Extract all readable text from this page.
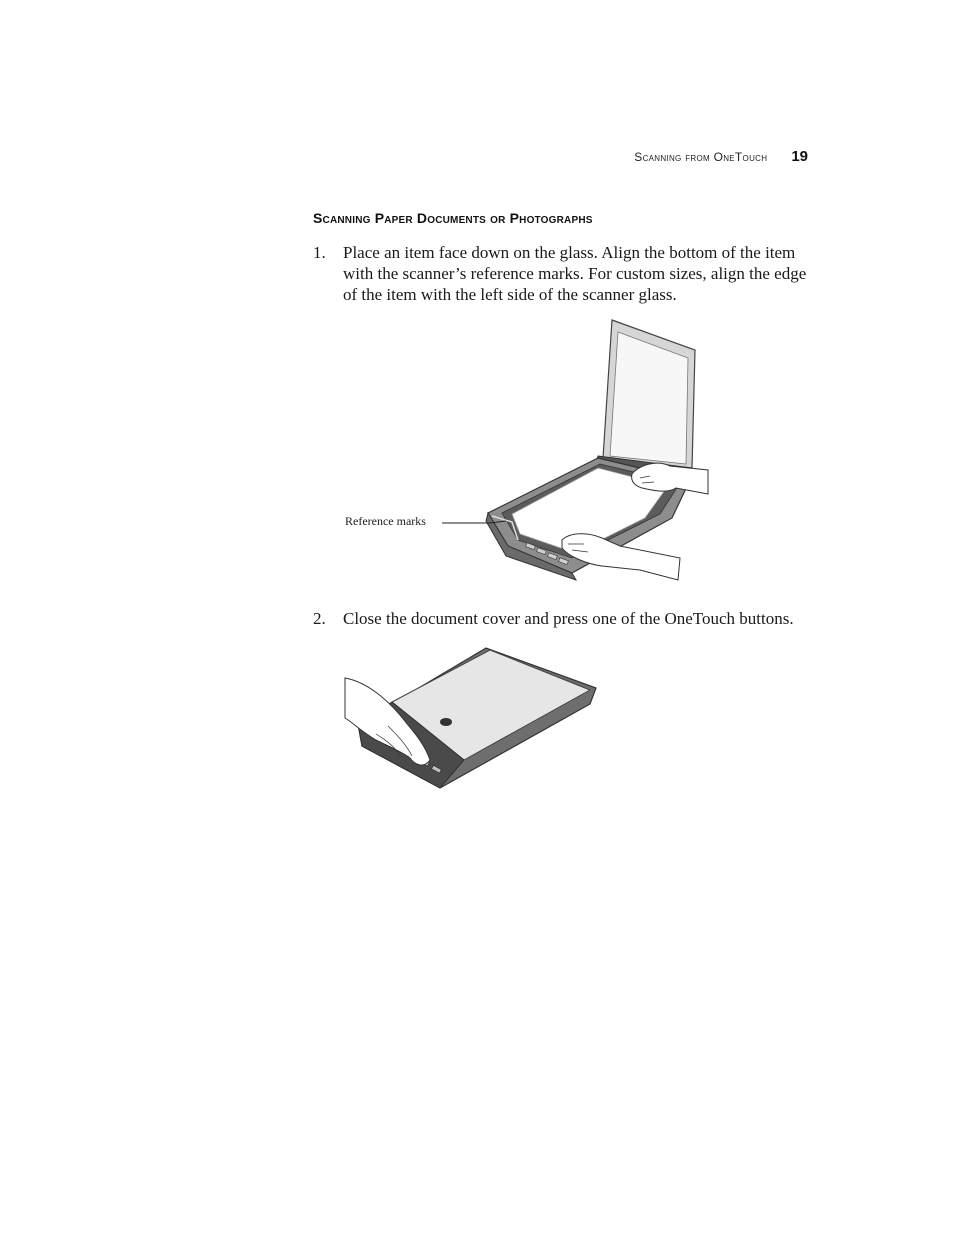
Scanning from OneTouch 19
Scanning Paper Documents or Photographs
1. Place an item face down on the glass. Align the bottom of the item with the scanner’s reference marks. For custom sizes, align the edge of the item with the left side of the scanner glass.
Reference marks
2. Close the document cover and press one of the OneTouch buttons.
